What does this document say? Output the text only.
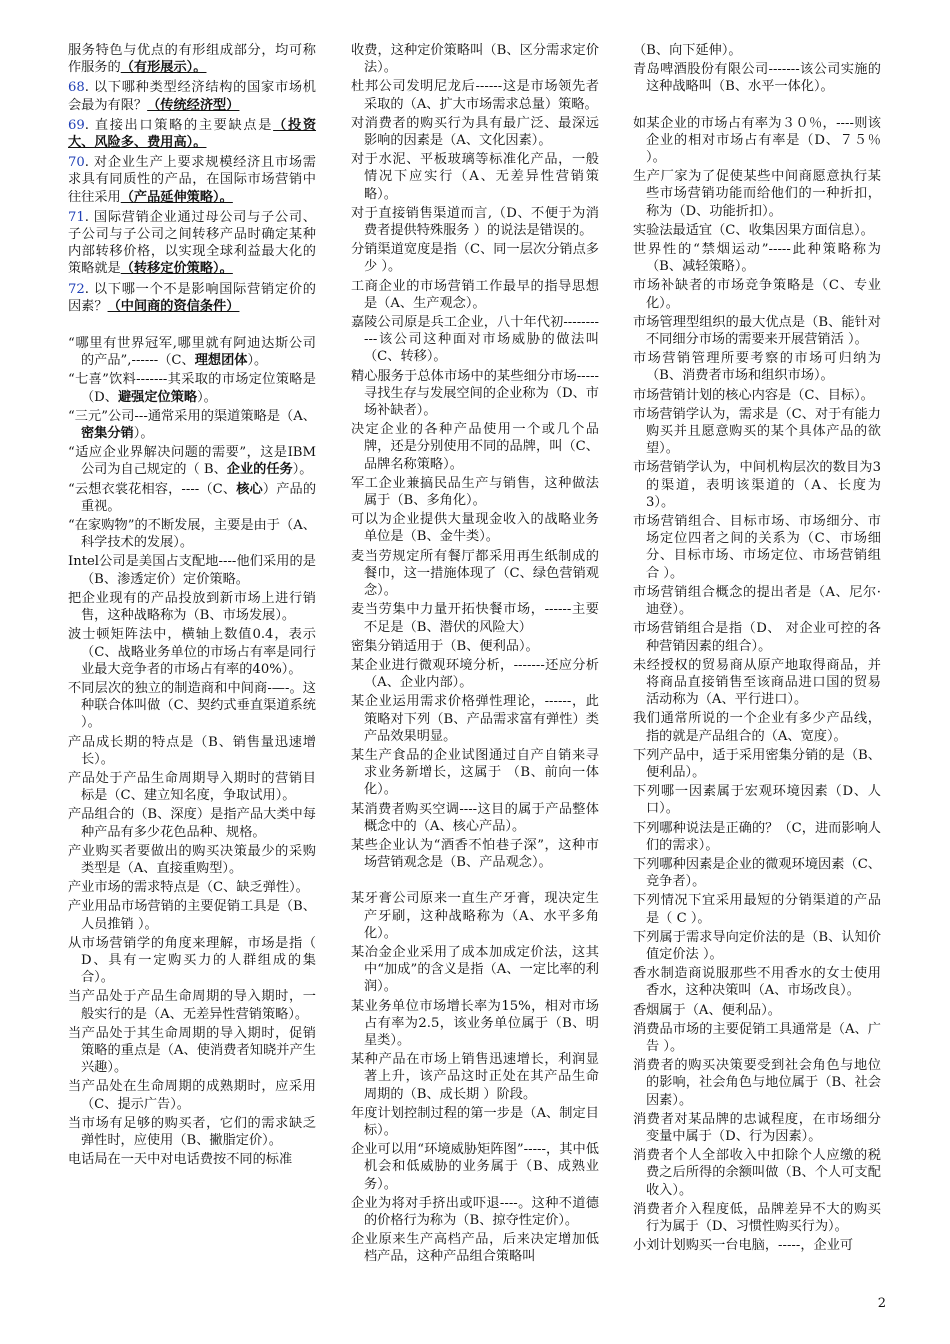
服务特色与优点的有形组成部分，均可称作服务的（有形展示）。

68. 以下哪种类型经济结构的国家市场机会最为有限？（传统经济型）

69. 直接出口策略的主要缺点是（投资大、风险多、费用高）。

70. 对企业生产上要求规模经济且市场需求具有同质性的产品，在国际市场营销中往往采用（产品延伸策略）。

71. 国际营销企业通过母公司与子公司、子公司与子公司之间转移产品时确定某种内部转移价格，以实现全球利益最大化的策略就是（转移定价策略）。

72. 以下哪一个不是影响国际营销定价的因素？（中间商的资信条件）

“哪里有世界冠军,哪里就有阿迪达斯公司的产品”,------（C、理想团体）。

“七喜”饮料-------其采取的市场定位策略是（D、避强定位策略）。

“三元”公司---通常采用的渠道策略是（A、密集分销）。

“适应企业界解决问题的需要”，这是IBM公司为自己规定的（ B、企业的任务）。

“云想衣裳花相容，----（C、核心）产品的重视。

“在家购物”的不断发展，主要是由于（A、科学技术的发展）。

Intel公司是美国占支配地----他们采用的是（B、渗透定价）定价策略。

把企业现有的产品投放到新市场上进行销售，这种战略称为（B、市场发展）。

波士顿矩阵法中，横轴上数值0.4，表示（C、战略业务单位的市场占有率是同行业最大竞争者的市场占有率的40%）。

不同层次的独立的制造商和中间商-—-。这种联合体叫做（C、契约式垂直渠道系统 ）。

产品成长期的特点是（B、销售量迅速增长）。

产品处于产品生命周期导入期时的营销目标是（C、建立知名度，争取试用）。

产品组合的（B、深度）是指产品大类中每种产品有多少花色品种、规格。

产业购买者要做出的购买决策最少的采购类型是（A、直接重购型）。

产业市场的需求特点是（C、缺乏弹性）。

产业用品市场营销的主要促销工具是（B、人员推销 ）。

从市场营销学的角度来理解，市场是指（ D、具有一定购买力的人群组成的集合）。

当产品处于产品生命周期的导入期时，一般实行的是（A、无差异性营销策略）。

当产品处于其生命周期的导入期时，促销策略的重点是（A、使消费者知晓并产生兴趣）。

当产品处在生命周期的成熟期时，应采用（C、提示广告）。

当市场有足够的购买者，它们的需求缺乏弹性时，应使用（B、撇脂定价）。

电话局在一天中对电话费按不同的标准

收费，这种定价策略叫（B、区分需求定价法）。

杜邦公司发明尼龙后------这是市场领先者采取的（A、扩大市场需求总量）策略。

对消费者的购买行为具有最广泛、最深远影响的因素是（A、文化因素）。

对于水泥、平板玻璃等标准化产品，一般情况下应实行（A、无差异性营销策略）。

对于直接销售渠道而言,（D、不便于为消费者提供特殊服务 ）的说法是错误的。

分销渠道宽度是指（C、同一层次分销点多少 ）。

工商企业的市场营销工作最早的指导思想是（A、生产观念）。

嘉陵公司原是兵工企业，八十年代初-----------该公司这种面对市场威胁的做法叫（C、转移）。

精心服务于总体市场中的某些细分市场-----寻找生存与发展空间的企业称为（D、市场补缺者）。

决定企业的各种产品使用一个或几个品牌，还是分别使用不同的品牌，叫（C、品牌名称策略）。

军工企业兼搞民品生产与销售，这种做法属于（B、多角化）。

可以为企业提供大量现金收入的战略业务单位是（B、金牛类）。

麦当劳规定所有餐厅都采用再生纸制成的餐巾，这一措施体现了（C、绿色营销观念）。

麦当劳集中力量开拓快餐市场，------主要不足是（B、潜伏的风险大）

密集分销适用于（B、便利品）。

某企业进行微观环境分析，-------还应分析（A、企业内部）。

某企业运用需求价格弹性理论，------，此策略对下列（B、产品需求富有弹性）类产品效果明显。

某生产食品的企业试图通过自产自销来寻求业务新增长，这属于 （B、前向一体化）。

某消费者购买空调----这目的属于产品整体概念中的（A、核心产品）。

某些企业认为“酒香不怕巷子深”，这种市场营销观念是（B、产品观念）。

某牙膏公司原来一直生产牙膏，现决定生产牙刷，这种战略称为（A、水平多角化）。

某冶金企业采用了成本加成定价法，这其中“加成”的含义是指（A、一定比率的利润）。

某业务单位市场增长率为15%，相对市场占有率为2.5，该业务单位属于（B、明星类）。

某种产品在市场上销售迅速增长，利润显著上升，该产品这时正处在其产品生命周期的（B、成长期 ）阶段。

年度计划控制过程的第一步是（A、制定目标）。

企业可以用“环境威胁矩阵图”-----，其中低机会和低威胁的业务属于（B、成熟业务）。

企业为将对手挤出或吓退----。这种不道德的价格行为称为（B、掠夺性定价）。

企业原来生产高档产品，后来决定增加低档产品，这种产品组合策略叫

（B、向下延伸）。

青岛啤酒股份有限公司-------该公司实施的这种战略叫（B、水平一体化）。

如某企业的市场占有率为３０％，----则该企业的相对市场占有率是（D、７５％ ）。

生产厂家为了促使某些中间商愿意执行某些市场营销功能而给他们的一种折扣，称为（D、功能折扣）。

实验法最适宜（C、收集因果方面信息）。

世界性的“禁烟运动”-----此种策略称为（B、减轻策略）。

市场补缺者的市场竞争策略是（C、专业化）。

市场管理型组织的最大优点是（B、能针对不同细分市场的需要来开展营销活 ）。

市场营销管理所要考察的市场可归纳为（B、消费者市场和组织市场）。

市场营销计划的核心内容是（C、目标）。

市场营销学认为，需求是（C、对于有能力购买并且愿意购买的某个具体产品的欲望）。

市场营销学认为，中间机构层次的数目为3的渠道，表明该渠道的（A、长度为3）。

市场营销组合、目标市场、市场细分、市场定位四者之间的关系为（C、市场细分、目标市场、市场定位、市场营销组合 ）。

市场营销组合概念的提出者是（A、尼尔·迪登）。

市场营销组合是指（D、 对企业可控的各种营销因素的组合）。

未经授权的贸易商从原产地取得商品，并将商品直接销售至该商品进口国的贸易活动称为（A、平行进口）。

我们通常所说的一个企业有多少产品线，指的就是产品组合的（A、宽度）。

下列产品中，适于采用密集分销的是（B、便利品）。

下列哪一因素属于宏观环境因素（D、人口）。

下列哪种说法是正确的？（C，进而影响人们的需求）。

下列哪种因素是企业的微观环境因素（C、竞争者）。

下列情况下宜采用最短的分销渠道的产品是（ C ）。

下列属于需求导向定价法的是（B、认知价值定价法 ）。

香水制造商说服那些不用香水的女士使用香水，这种决策叫（A、市场改良）。

香烟属于（A、便利品）。

消费品市场的主要促销工具通常是（A、广告 ）。

消费者的购买决策要受到社会角色与地位的影响，社会角色与地位属于（B、社会因素）。

消费者对某品牌的忠诚程度，在市场细分变量中属于（D、行为因素）。

消费者个人全部收入中扣除个人应缴的税费之后所得的余额叫做（B、个人可支配收入）。

消费者介入程度低，品牌差异不大的购买行为属于（D、习惯性购买行为）。

小刘计划购买一台电脑，-----，企业可

2
